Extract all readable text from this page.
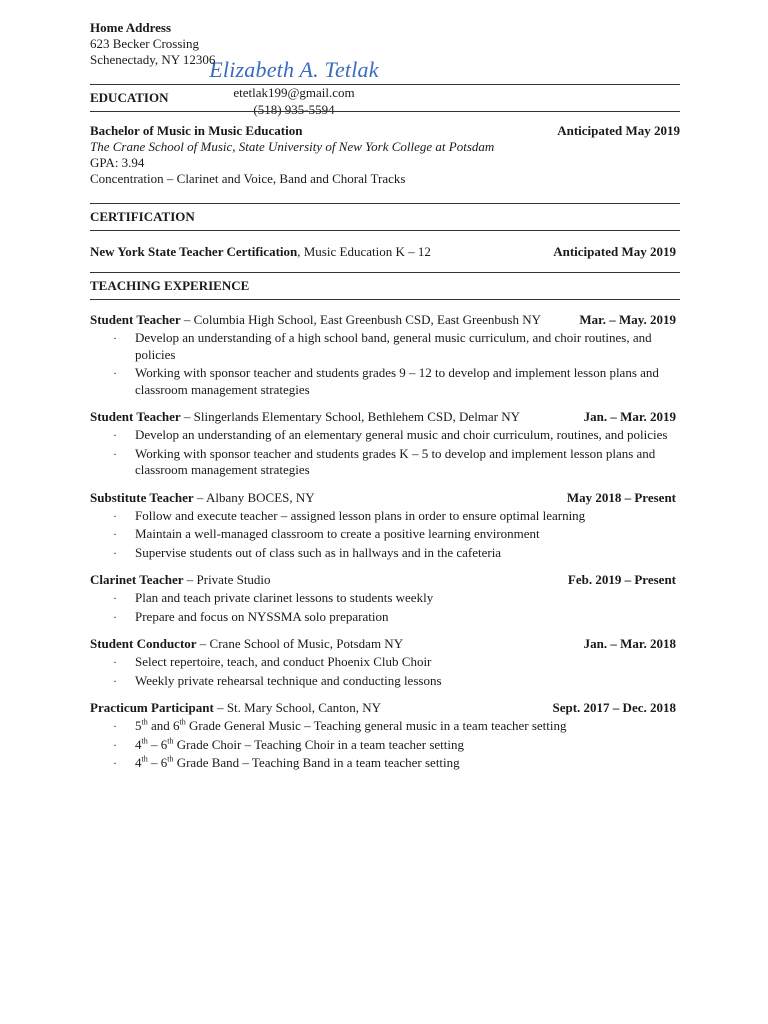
Elizabeth A. Tetlak
etetlak199@gmail.com
(518) 935-5594
Home Address
623 Becker Crossing
Schenectady, NY 12306
EDUCATION
Bachelor of Music in Music Education	Anticipated May 2019
The Crane School of Music, State University of New York College at Potsdam
GPA: 3.94
Concentration – Clarinet and Voice, Band and Choral Tracks
CERTIFICATION
New York State Teacher Certification, Music Education K – 12	Anticipated May 2019
TEACHING EXPERIENCE
Student Teacher – Columbia High School, East Greenbush CSD, East Greenbush NY	Mar. – May. 2019
· Develop an understanding of a high school band, general music curriculum, and choir routines, and policies
· Working with sponsor teacher and students grades 9 – 12 to develop and implement lesson plans and classroom management strategies
Student Teacher – Slingerlands Elementary School, Bethlehem CSD, Delmar NY	Jan. – Mar. 2019
· Develop an understanding of an elementary general music and choir curriculum, routines, and policies
· Working with sponsor teacher and students grades K – 5 to develop and implement lesson plans and classroom management strategies
Substitute Teacher – Albany BOCES, NY	May 2018 – Present
· Follow and execute teacher – assigned lesson plans in order to ensure optimal learning
· Maintain a well-managed classroom to create a positive learning environment
· Supervise students out of class such as in hallways and in the cafeteria
Clarinet Teacher – Private Studio	Feb. 2019 – Present
· Plan and teach private clarinet lessons to students weekly
· Prepare and focus on NYSSMA solo preparation
Student Conductor – Crane School of Music, Potsdam NY	Jan. – Mar. 2018
· Select repertoire, teach, and conduct Phoenix Club Choir
· Weekly private rehearsal technique and conducting lessons
Practicum Participant – St. Mary School, Canton, NY	Sept. 2017 – Dec. 2018
· 5th and 6th Grade General Music – Teaching general music in a team teacher setting
· 4th – 6th Grade Choir – Teaching Choir in a team teacher setting
· 4th – 6th Grade Band – Teaching Band in a team teacher setting
